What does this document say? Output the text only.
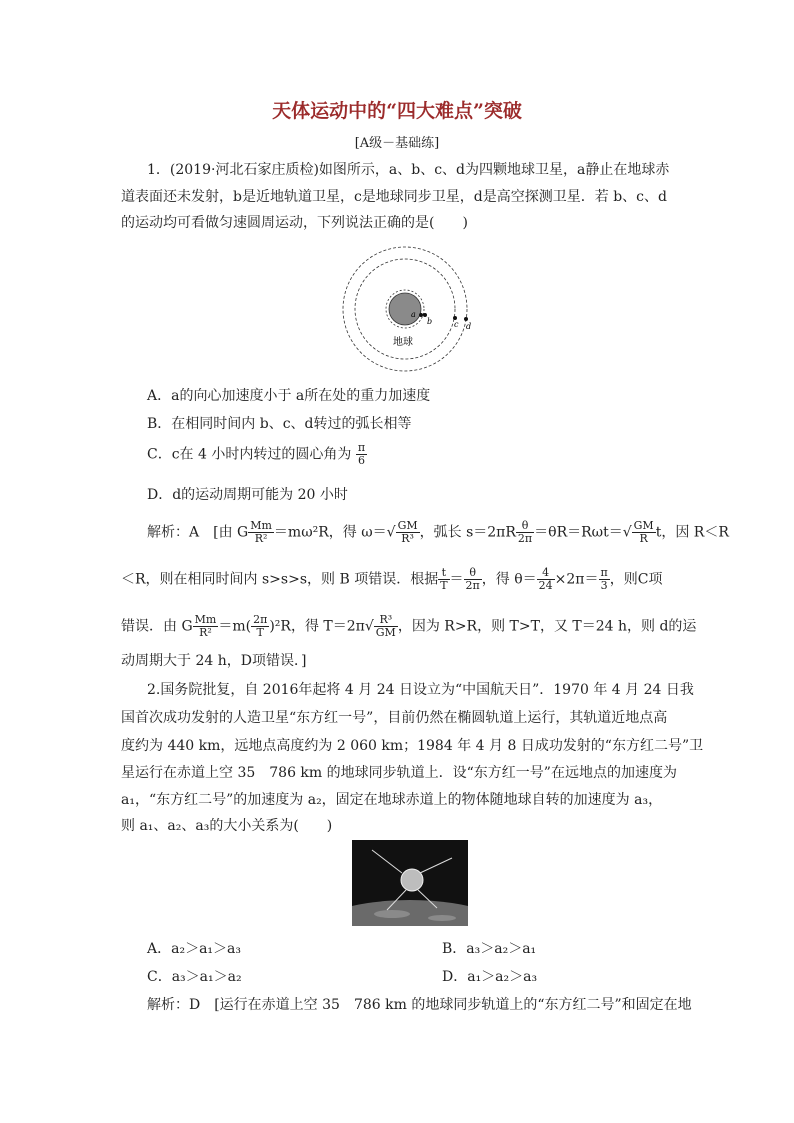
天体运动中的“四大难点”突破
[A级－基础练]
1．(2019·河北石家庄质检)如图所示，a、b、c、d为四颗地球卫星，a静止在地球赤
道表面还未发射，b是近地轨道卫星，c是地球同步卫星，d是高空探测卫星．若 b、c、d
的运动均可看做匀速圆周运动，下列说法正确的是(　　)
a
b	c d
地球
A．a的向心加速度小于 a所在处的重力加速度
B．在相同时间内 b、c、d转过的弧长相等
C．c在 4 小时内转过的圆心角为 $\frac{\pi}{6}$
D．d的运动周期可能为 20 小时
解析：A　[由 G $\frac{Mm}{\text{R²}} =m\omega^2R$，得 $\omega=√ \frac{GM}{\text{R³}}$ ，弧长 $s=2\pi R \frac{\theta}{2\pi} =\theta R=R\omega t=√ \frac{GM}{R}$ t，因 R＜R
＜R，则在相同时间内 s>s>s，则 B 项错误．根据 $\frac{t}{T} = \frac{\theta}{2\pi}$ ，得 $\theta= \frac{4}{24} \times 2\pi= \frac{\pi}{3}$ ，则C项
错误．由 G $\frac{Mm}{\text{R²}} =m( \frac{2\pi}{T} )^2R$，得 $T=2\pi√ \frac{\text{R³}}{GM}$ ，因为 R>R，则 T>T，又 T＝24 h，则 d的运
动周期大于 24 h，D项错误．]
2.国务院批复，自 2016年起将 4 月 24 日设立为“中国航天日”．1970 年 4 月 24 日我
国首次成功发射的人造卫星“东方红一号”，目前仍然在椭圆轨道上运行，其轨道近地点高
度约为 440 km，远地点高度约为 2 060 km；1984 年 4 月 8 日成功发射的“东方红二号”卫
星运行在赤道上空 35　786 km 的地球同步轨道上．设“东方红一号”在远地点的加速度为
a₁，“东方红二号”的加速度为 a₂，固定在地球赤道上的物体随地球自转的加速度为 a₃，
则 a₁、a₂、a₃的大小关系为(　　)
A．a₂＞a₁＞a₃	B．a₃＞a₂＞a₁
C．a₃＞a₁＞a₂	D．a₁＞a₂＞a₃
解析：D　[运行在赤道上空 35　786 km 的地球同步轨道上的“东方红二号”和固定在地
